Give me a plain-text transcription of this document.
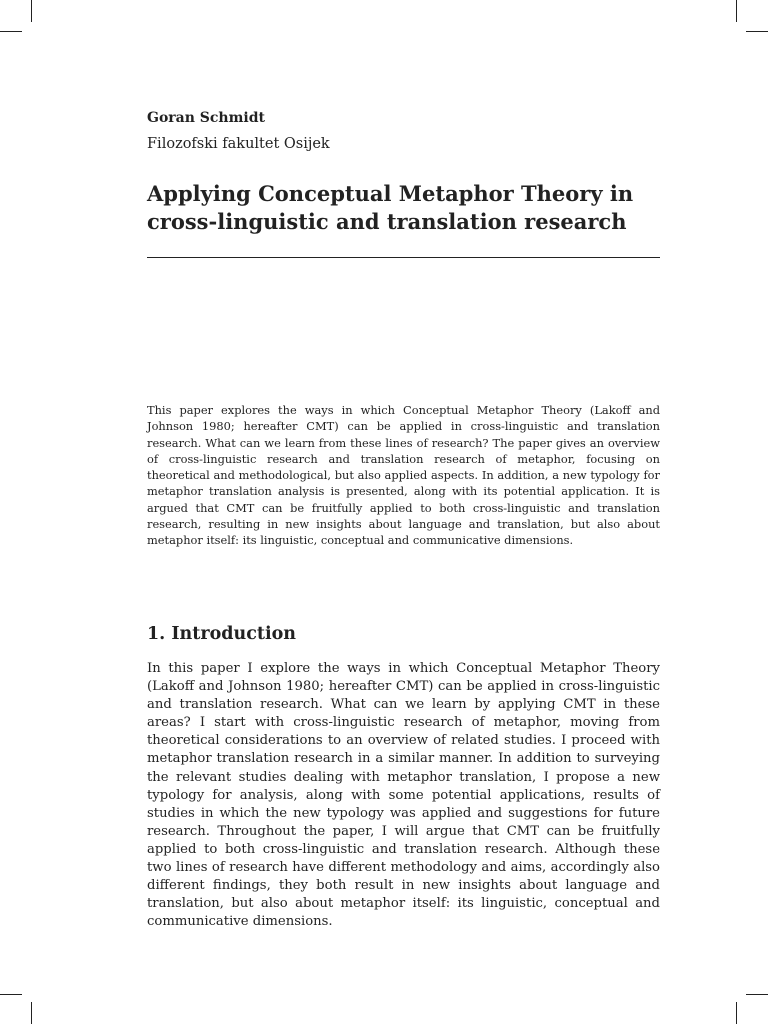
Goran Schmidt
Filozofski fakultet Osijek
Applying Conceptual Metaphor Theory in cross-linguistic and translation research

This paper explores the ways in which Conceptual Metaphor Theory (Lakoff and Johnson 1980; hereafter CMT) can be applied in cross-linguistic and translation research. What can we learn from these lines of research? The paper gives an overview of cross-linguistic research and translation research of metaphor, focusing on theoretical and methodological, but also applied aspects. In addition, a new typology for metaphor translation analysis is presented, along with its potential application. It is argued that CMT can be fruitfully applied to both cross-linguistic and translation research, resulting in new insights about language and translation, but also about metaphor itself: its linguistic, conceptual and communicative dimensions.

1. Introduction

In this paper I explore the ways in which Conceptual Metaphor Theory (Lakoff and Johnson 1980; hereafter CMT) can be applied in cross-linguistic and translation research. What can we learn by applying CMT in these areas? I start with cross-linguistic research of metaphor, moving from theoretical considerations to an overview of related studies. I proceed with metaphor translation research in a similar manner. In addition to surveying the relevant studies dealing with metaphor translation, I propose a new typology for analysis, along with some potential applications, results of studies in which the new typology was applied and suggestions for future research. Throughout the paper, I will argue that CMT can be fruitfully applied to both cross-linguistic and translation research. Although these two lines of research have different methodology and aims, accordingly also different findings, they both result in new insights about language and translation, but also about metaphor itself: its linguistic, conceptual and communicative dimensions.
